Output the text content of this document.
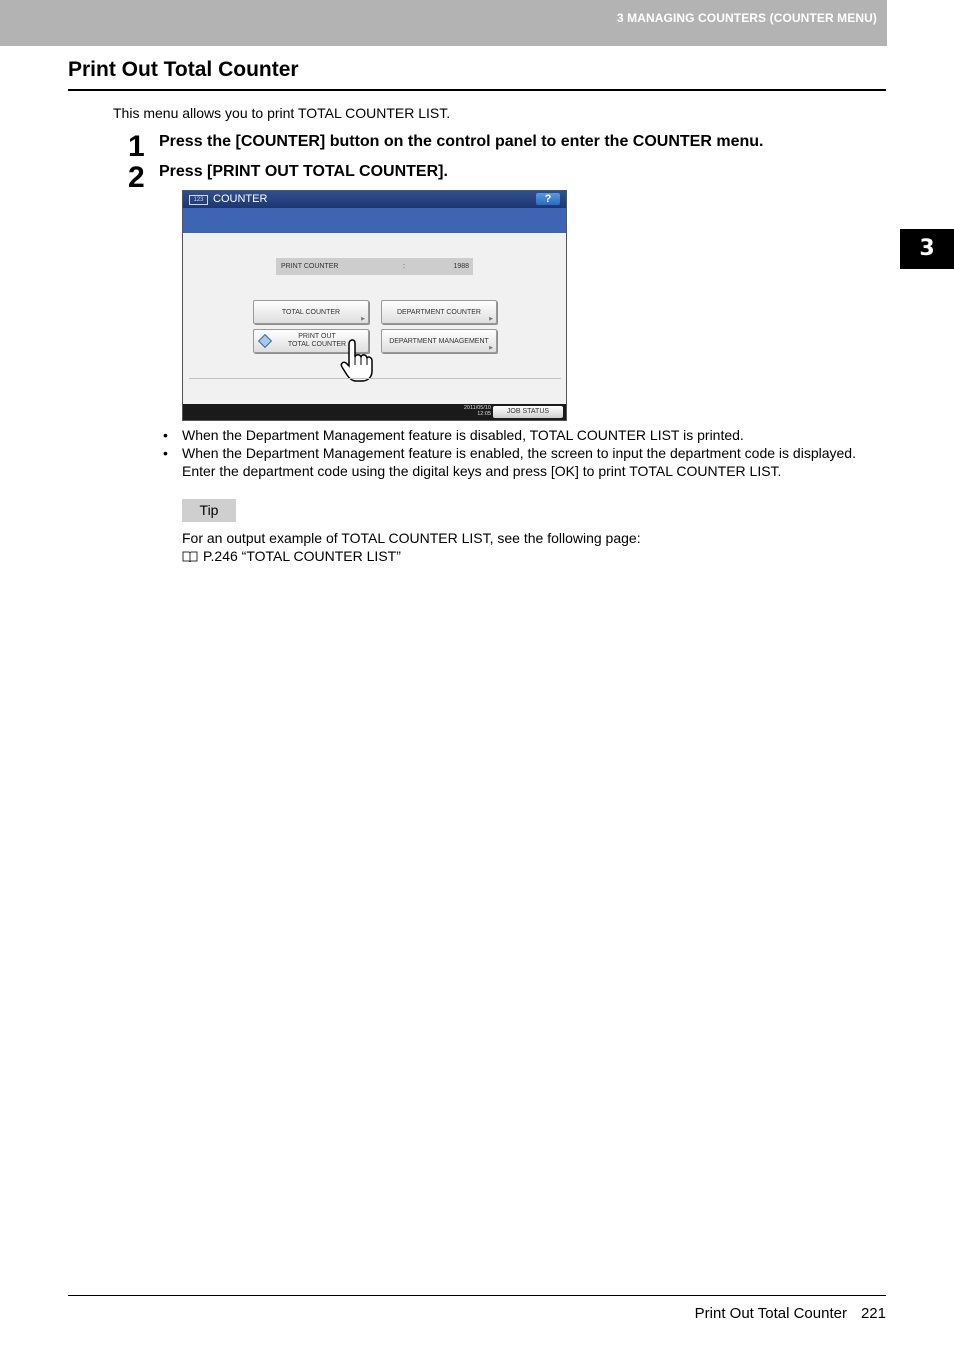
3 MANAGING COUNTERS (COUNTER MENU)
3
Print Out Total Counter
This menu allows you to print TOTAL COUNTER LIST.
1 Press the [COUNTER] button on the control panel to enter the COUNTER menu.
2 Press [PRINT OUT TOTAL COUNTER].
123 COUNTER	?
PRINT COUNTER	:	1988
TOTAL COUNTER
▶
DEPARTMENT COUNTER
▶
PRINT OUT
TOTAL COUNTER	DEPARTMENT MANAGEMENT
▶
2011/05/10
12:05	JOB STATUS
• When the Department Management feature is disabled, TOTAL COUNTER LIST is printed.
• When the Department Management feature is enabled, the screen to input the department code is displayed. Enter the department code using the digital keys and press [OK] to print TOTAL COUNTER LIST.
Tip
For an output example of TOTAL COUNTER LIST, see the following page:
P.246 “TOTAL COUNTER LIST”
Print Out Total Counter 221
